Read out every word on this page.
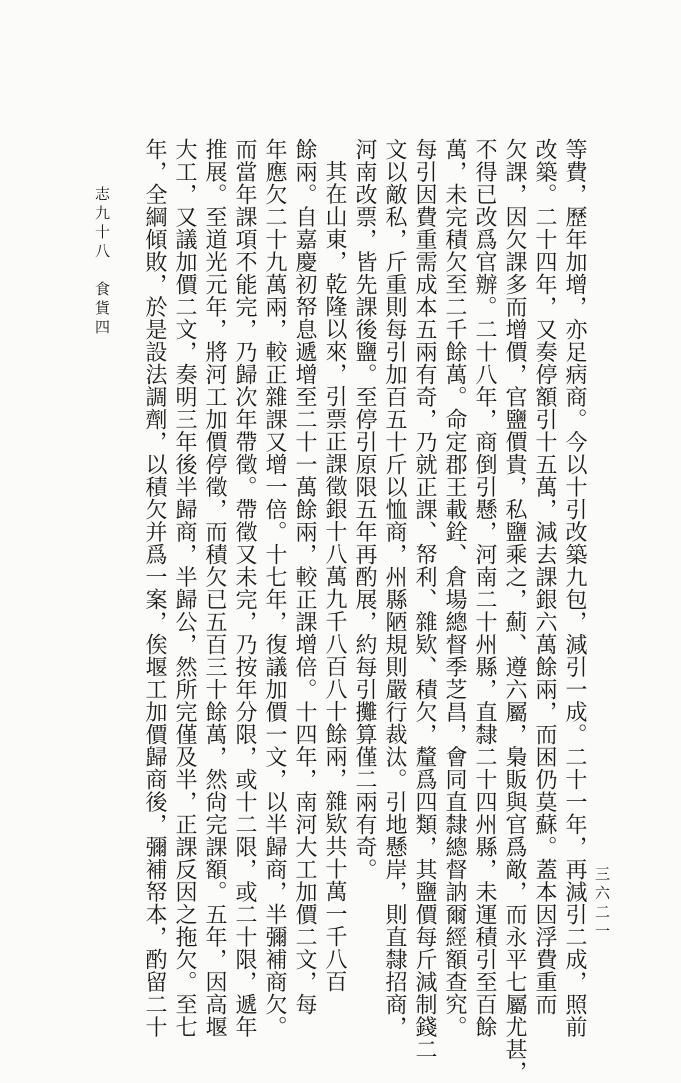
等費，歷年加增，亦足病商。今以十引改築九包，減引一成。二十一年，再減引二成，照前
改築。二十四年，又奏停額引十五萬，減去課銀六萬餘兩，而困仍莫蘇。蓋本因浮費重而
欠課，因欠課多而增價，官鹽價貴，私鹽乘之，薊、遵六屬，梟販與官爲敵，而永平七屬尤甚，
不得已改爲官辦。二十八年，商倒引懸，河南二十州縣，直隸二十四州縣，未運積引至百餘
萬，未完積欠至二千餘萬。命定郡王載銓、倉場總督季芝昌，會同直隸總督訥爾經額查究。
每引因費重需成本五兩有奇，乃就正課、帑利、雜欵、積欠，釐爲四類，其鹽價每斤減制錢二
文以敵私，斤重則每引加百五十斤以恤商，州縣陋規則嚴行裁汰。引地懸岸，則直隸招商，
河南改票，皆先課後鹽。至停引原限五年再酌展，約每引攤算僅二兩有奇。
其在山東，乾隆以來，引票正課徵銀十八萬九千八百八十餘兩，雜欵共十萬一千八百
餘兩。自嘉慶初帑息遞增至二十一萬餘兩，較正課增倍。十四年，南河大工加價二文，每
年應欠二十九萬兩，較正雜課又增一倍。十七年，復議加價一文，以半歸商，半彌補商欠。
而當年課項不能完，乃歸次年帶徵。帶徵又未完，乃按年分限，或十二限，或二十限，遞年
推展。至道光元年，將河工加價停徵，而積欠已五百三十餘萬，然尙完課額。五年，因高堰
大工，又議加價二文，奏明三年後半歸商，半歸公，然所完僅及半，正課反因之拖欠。至七
年，全綱傾敗，於是設法調劑，以積欠并爲一案，俟堰工加價歸商後，彌補帑本，酌留二十	三六二一
志九十八　食貨四
